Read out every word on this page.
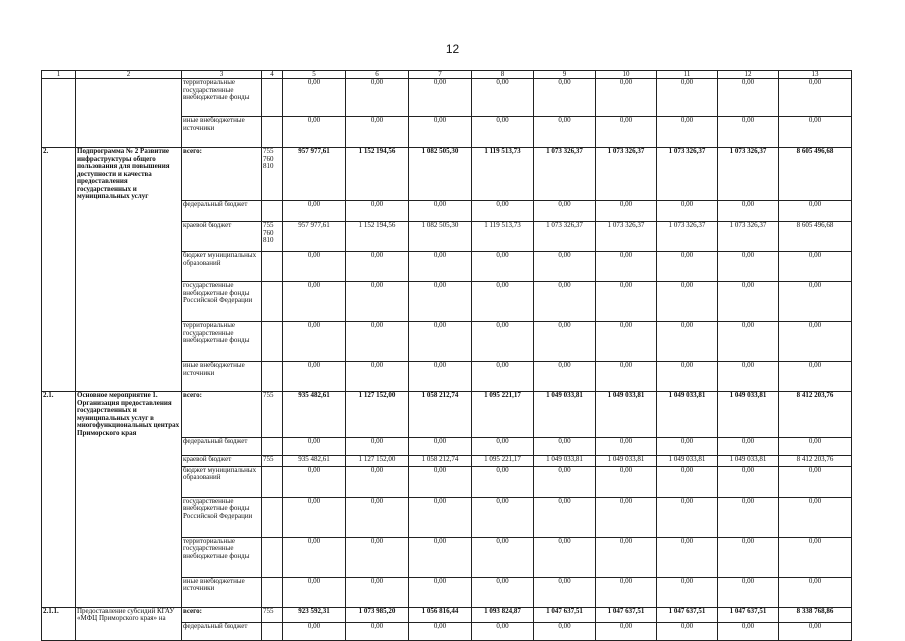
12
1	2	3	4	5	6	7	8	9	10	11	12	13
		территориальные государственные внебюджетные фонды		0,00	0,00	0,00	0,00	0,00	0,00	0,00	0,00	0,00
		иные внебюджетные источники		0,00	0,00	0,00	0,00	0,00	0,00	0,00	0,00	0,00
2.	Подпрограмма № 2 Развитие инфраструктуры общего пользования для повышения доступности и качества предоставления государственных и муниципальных услуг	всего:	755 760 810	957 977,61	1 152 194,56	1 082 505,30	1 119 513,73	1 073 326,37	1 073 326,37	1 073 326,37	1 073 326,37	8 605 496,68
		федеральный бюджет		0,00	0,00	0,00	0,00	0,00	0,00	0,00	0,00	0,00
		краевой бюджет	755 760 810	957 977,61	1 152 194,56	1 082 505,30	1 119 513,73	1 073 326,37	1 073 326,37	1 073 326,37	1 073 326,37	8 605 496,68
		бюджет муниципальных образований		0,00	0,00	0,00	0,00	0,00	0,00	0,00	0,00	0,00
		государственные внебюджетные фонды Российской Федерации		0,00	0,00	0,00	0,00	0,00	0,00	0,00	0,00	0,00
		территориальные государственные внебюджетные фонды		0,00	0,00	0,00	0,00	0,00	0,00	0,00	0,00	0,00
		иные внебюджетные источники		0,00	0,00	0,00	0,00	0,00	0,00	0,00	0,00	0,00
2.1.	Основное мероприятие 1. Организация предоставления государственных и муниципальных услуг в многофункциональных центрах Приморского края	всего:	755	935 482,61	1 127 152,00	1 058 212,74	1 095 221,17	1 049 033,81	1 049 033,81	1 049 033,81	1 049 033,81	8 412 203,76
		федеральный бюджет		0,00	0,00	0,00	0,00	0,00	0,00	0,00	0,00	0,00
		краевой бюджет	755	935 482,61	1 127 152,00	1 058 212,74	1 095 221,17	1 049 033,81	1 049 033,81	1 049 033,81	1 049 033,81	8 412 203,76
		бюджет муниципальных образований		0,00	0,00	0,00	0,00	0,00	0,00	0,00	0,00	0,00
		государственные внебюджетные фонды Российской Федерации		0,00	0,00	0,00	0,00	0,00	0,00	0,00	0,00	0,00
		территориальные государственные внебюджетные фонды		0,00	0,00	0,00	0,00	0,00	0,00	0,00	0,00	0,00
		иные внебюджетные источники		0,00	0,00	0,00	0,00	0,00	0,00	0,00	0,00	0,00
2.1.1.	Предоставление субсидий КГАУ «МФЦ Приморского края» на	всего:	755	923 592,31	1 073 985,20	1 056 816,44	1 093 824,87	1 047 637,51	1 047 637,51	1 047 637,51	1 047 637,51	8 338 768,86
		федеральный бюджет		0,00	0,00	0,00	0,00	0,00	0,00	0,00	0,00	0,00
